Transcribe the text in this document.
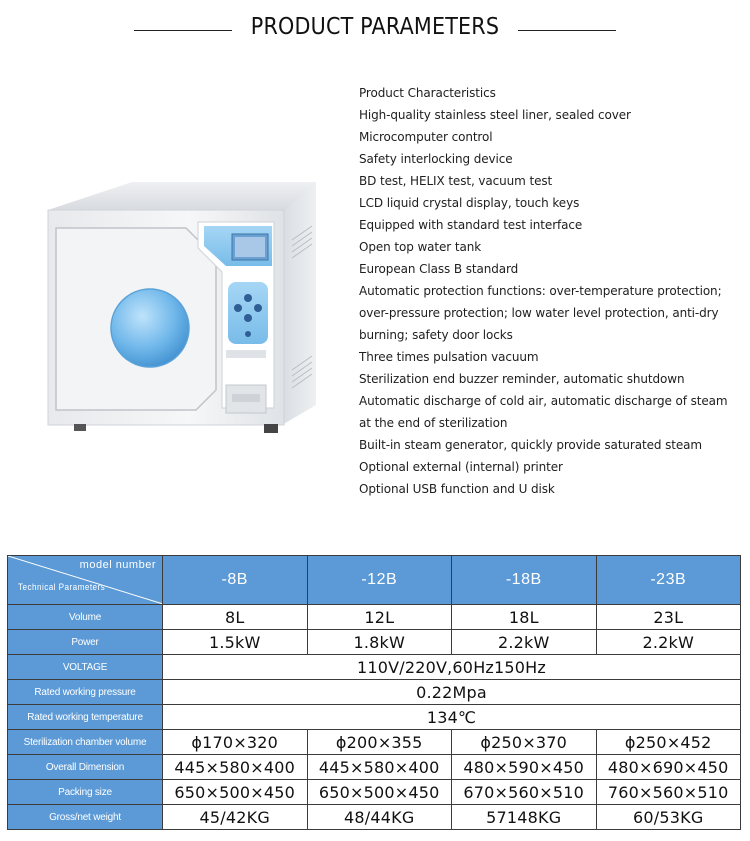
PRODUCT PARAMETERS
Product Characteristics
High-quality stainless steel liner, sealed cover
Microcomputer control
Safety interlocking device
BD test, HELIX test, vacuum test
LCD liquid crystal display, touch keys
Equipped with standard test interface
Open top water tank
European Class B standard
Automatic protection functions: over-temperature protection;
over-pressure protection; low water level protection, anti-dry
burning; safety door locks
Three times pulsation vacuum
Sterilization end buzzer reminder, automatic shutdown
Automatic discharge of cold air, automatic discharge of steam
at the end of sterilization
Built-in steam generator, quickly provide saturated steam
Optional external (internal) printer
Optional USB function and U disk
model number
Technical Parameters	-8B	-12B	-18B	-23B
Volume	8L	12L	18L	23L
Power	1.5kW	1.8kW	2.2kW	2.2kW
VOLTAGE	110V/220V,60Hz150Hz			
Rated working pressure	0.22Mpa			
Rated working temperature	134℃			
Sterilization chamber volume	ϕ170×320	ϕ200×355	ϕ250×370	ϕ250×452
Overall Dimension	445×580×400	445×580×400	480×590×450	480×690×450
Packing size	650×500×450	650×500×450	670×560×510	760×560×510
Gross/net weight	45/42KG	48/44KG	57148KG	60/53KG
